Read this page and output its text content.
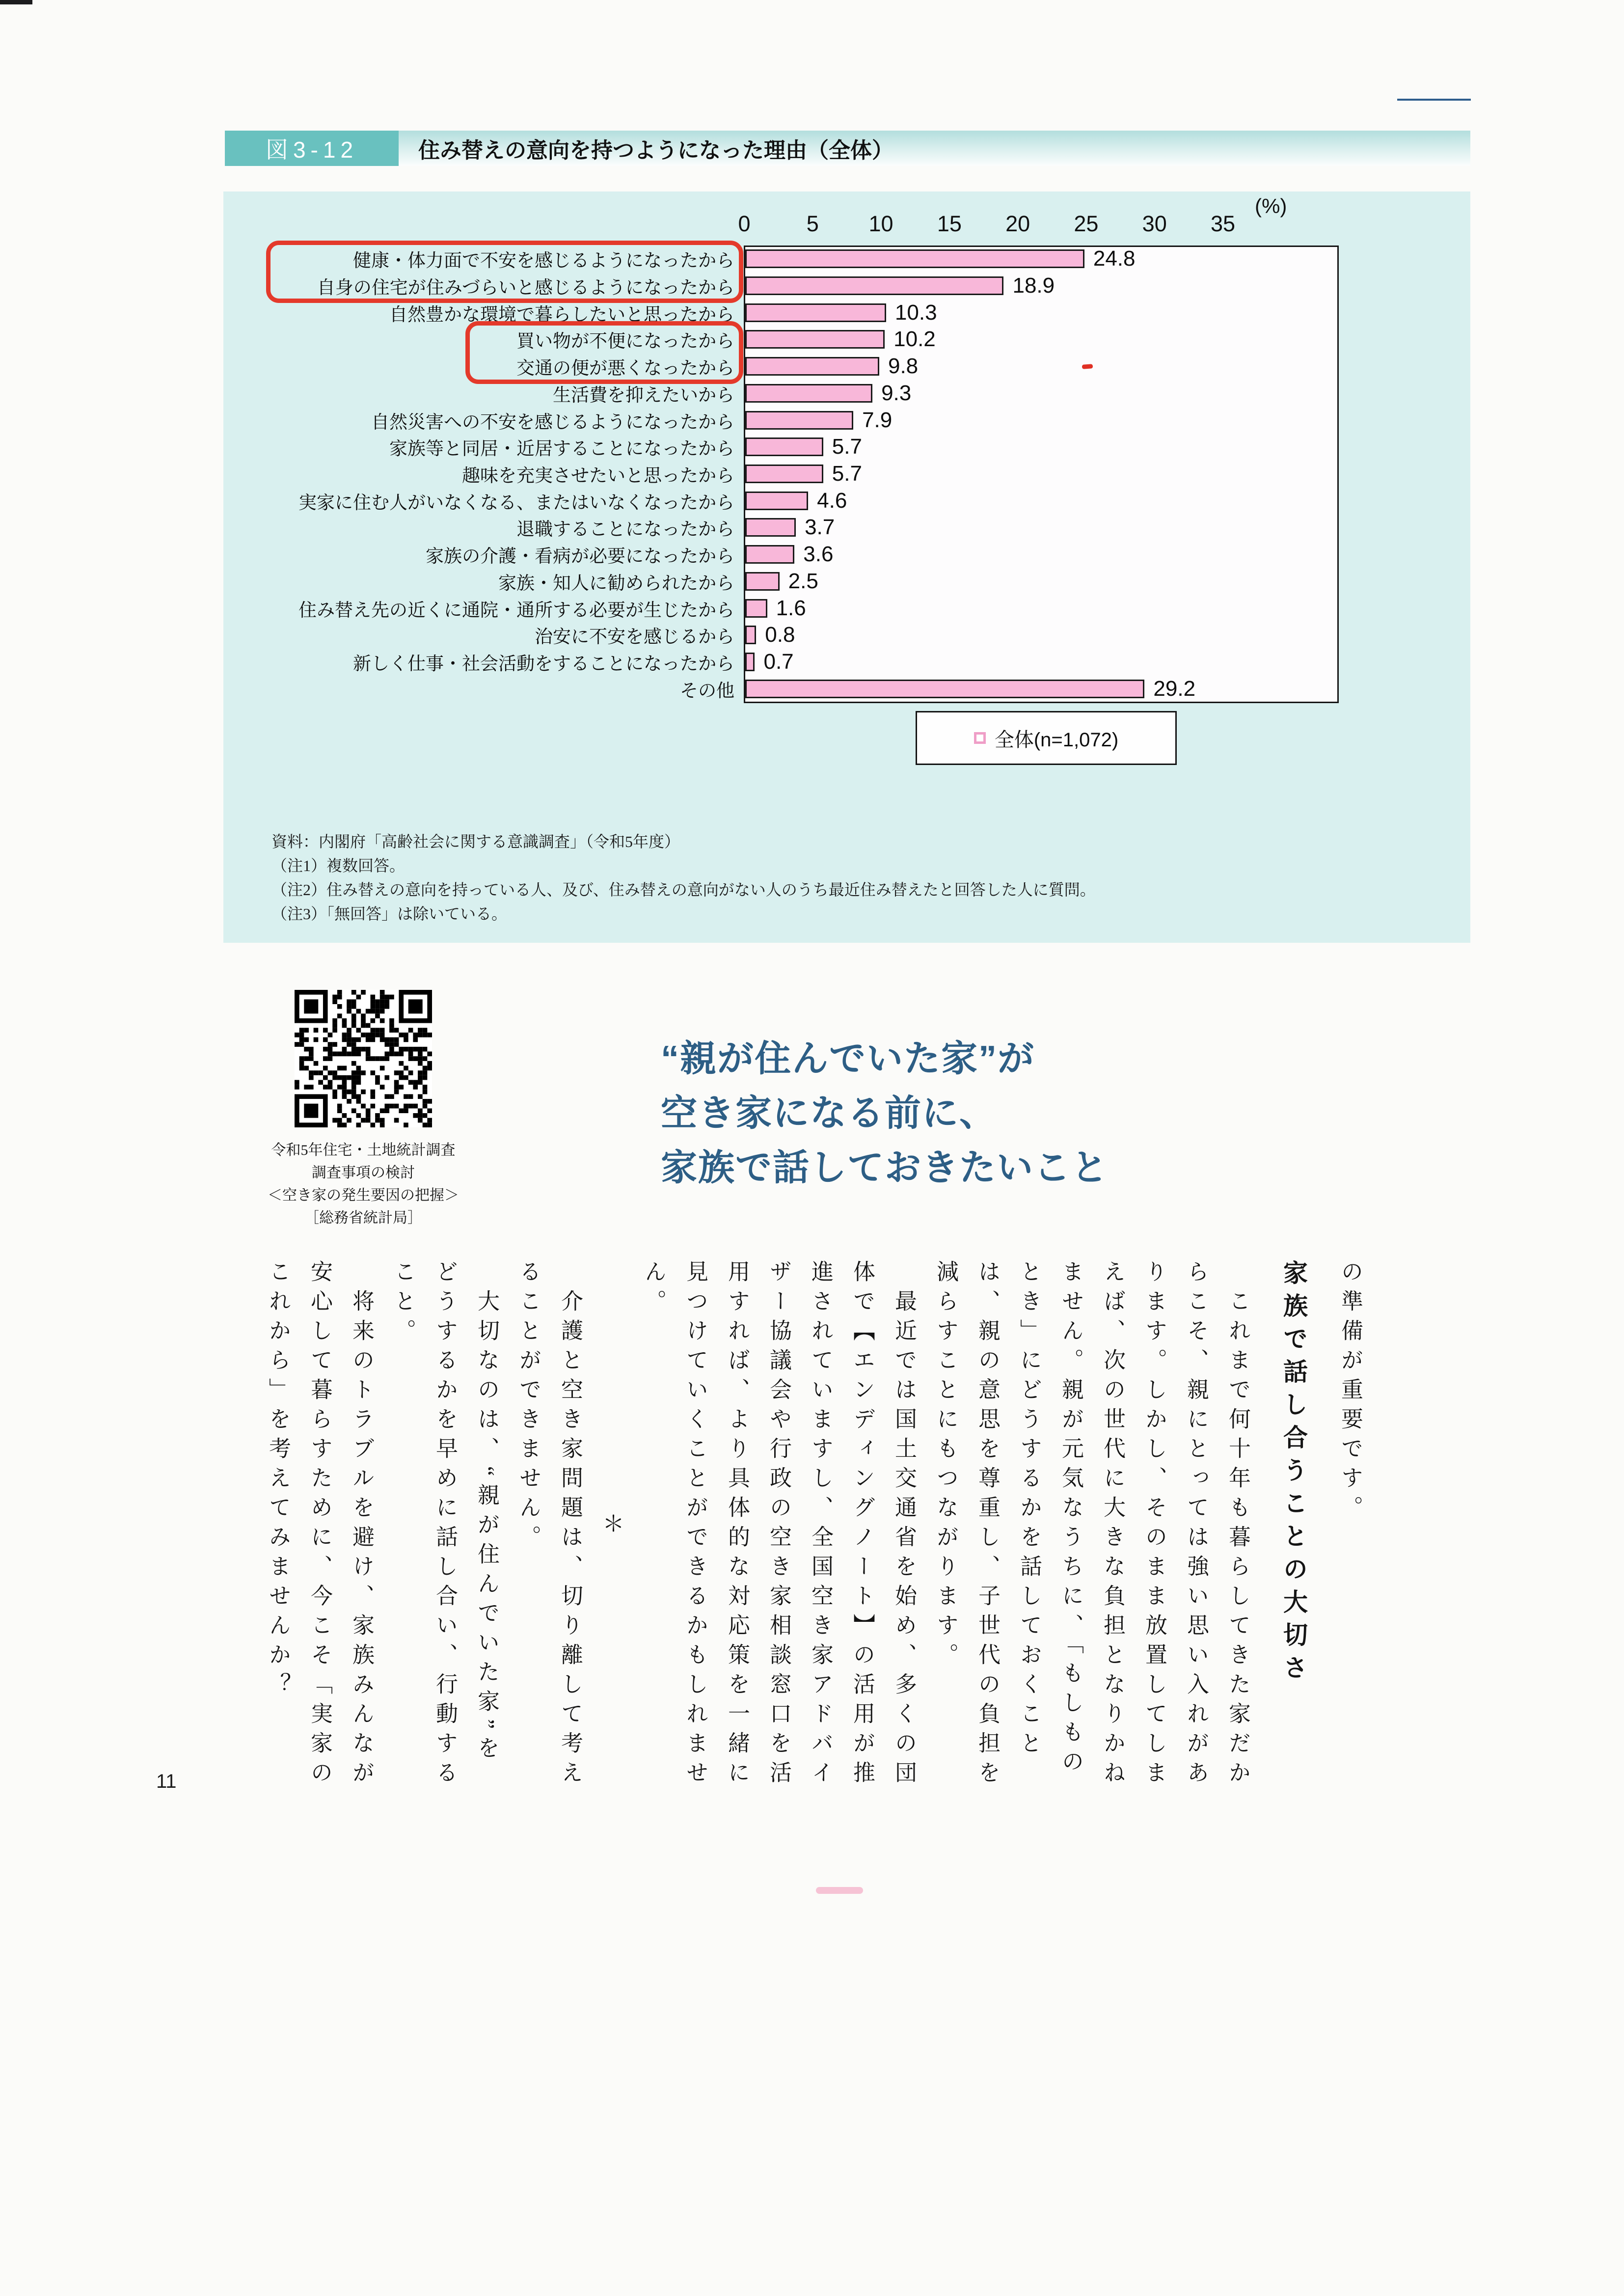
図3-12	住み替えの意向を持つようになった理由（全体）
(%)
0	5 10 15 20 25 30 35
健康・体力面で不安を感じるようになったから	24.8
自身の住宅が住みづらいと感じるようになったから	18.9
自然豊かな環境で暮らしたいと思ったから	10.3
買い物が不便になったから	10.2
交通の便が悪くなったから	9.8
生活費を抑えたいから	9.3
自然災害への不安を感じるようになったから	7.9
家族等と同居・近居することになったから	5.7
趣味を充実させたいと思ったから	5.7
実家に住む人がいなくなる、またはいなくなったから	4.6
退職することになったから	3.7
家族の介護・看病が必要になったから	3.6
家族・知人に勧められたから 2.5
住み替え先の近くに通院・通所する必要が生じたから 1.6
治安に不安を感じるから 0.8
新しく仕事・社会活動をすることになったから 0.7
その他	29.2
全体(n=1,072)
資料：内閣府「高齢社会に関する意識調査」（令和5年度）
（注1）複数回答。
（注2）住み替えの意向を持っている人、及び、住み替えの意向がない人のうち最近住み替えたと回答した人に質問。
（注3）「無回答」は除いている。
令和5年住宅・土地統計調査
調査事項の検討
＜空き家の発生要因の把握＞
［総務省統計局］
“親が住んでいた家”が
空き家になる前に、
家族で話しておきたいこと

の準備が重要です。

家族で話し合うことの大切さ

これまで何十年も暮らしてきた家だからこそ、親にとっては強い思い入れがあります。しかし、そのまま放置してしまえば、次の世代に大きな負担となりかねません。親が元気なうちに、「もしものとき」にどうするかを話しておくことは、親の意思を尊重し、子世代の負担を減らすことにもつながります。

最近では国土交通省を始め、多くの団体で【エンディングノート】の活用が推進されていますし、全国空き家アドバイザー協議会や行政の空き家相談窓口を活用すれば、より具体的な対応策を一緒に見つけていくことができるかもしれません。

＊

介護と空き家問題は、切り離して考えることができません。

大切なのは、“親が住んでいた家”をどうするかを早めに話し合い、行動すること。

将来のトラブルを避け、家族みんなが安心して暮らすために、今こそ「実家のこれから」を考えてみませんか？

11
